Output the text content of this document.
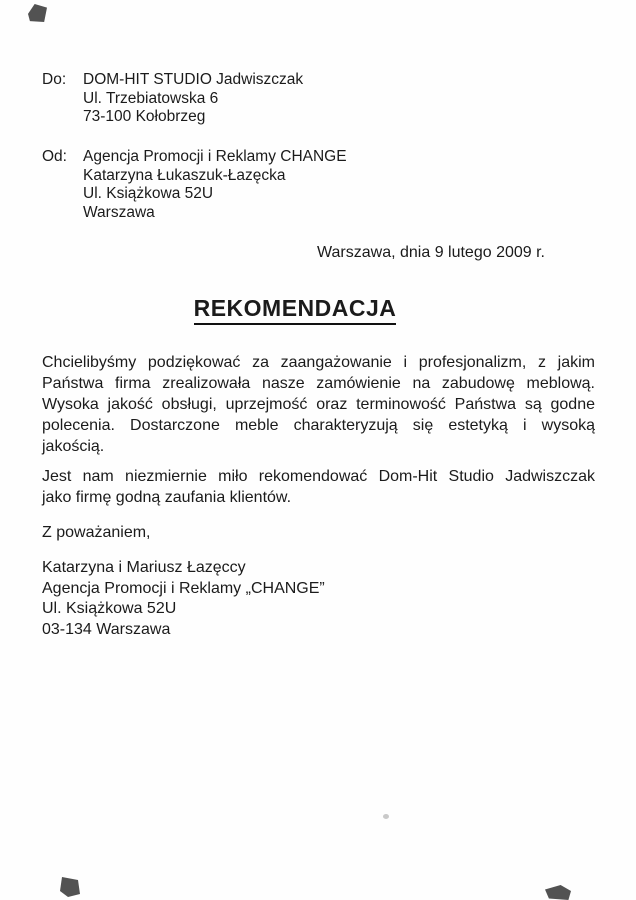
Do:	DOM-HIT STUDIO Jadwiszczak
Ul. Trzebiatowska 6
73-100 Kołobrzeg
Od:	Agencja Promocji i Reklamy CHANGE
Katarzyna Łukaszuk-Łazęcka
Ul. Książkowa 52U
Warszawa
Warszawa, dnia 9 lutego 2009 r.
REKOMENDACJA
Chcielibyśmy podziękować za zaangażowanie i profesjonalizm, z jakim
Państwa firma zrealizowała nasze zamówienie na zabudowę meblową.
Wysoka jakość obsługi, uprzejmość oraz terminowość Państwa są godne
polecenia. Dostarczone meble charakteryzują się estetyką i wysoką
jakością.
Jest nam niezmiernie miło rekomendować Dom-Hit Studio Jadwiszczak
jako firmę godną zaufania klientów.
Z poważaniem,
Katarzyna i Mariusz Łazęccy
Agencja Promocji i Reklamy „CHANGE”
Ul. Książkowa 52U
03-134 Warszawa
